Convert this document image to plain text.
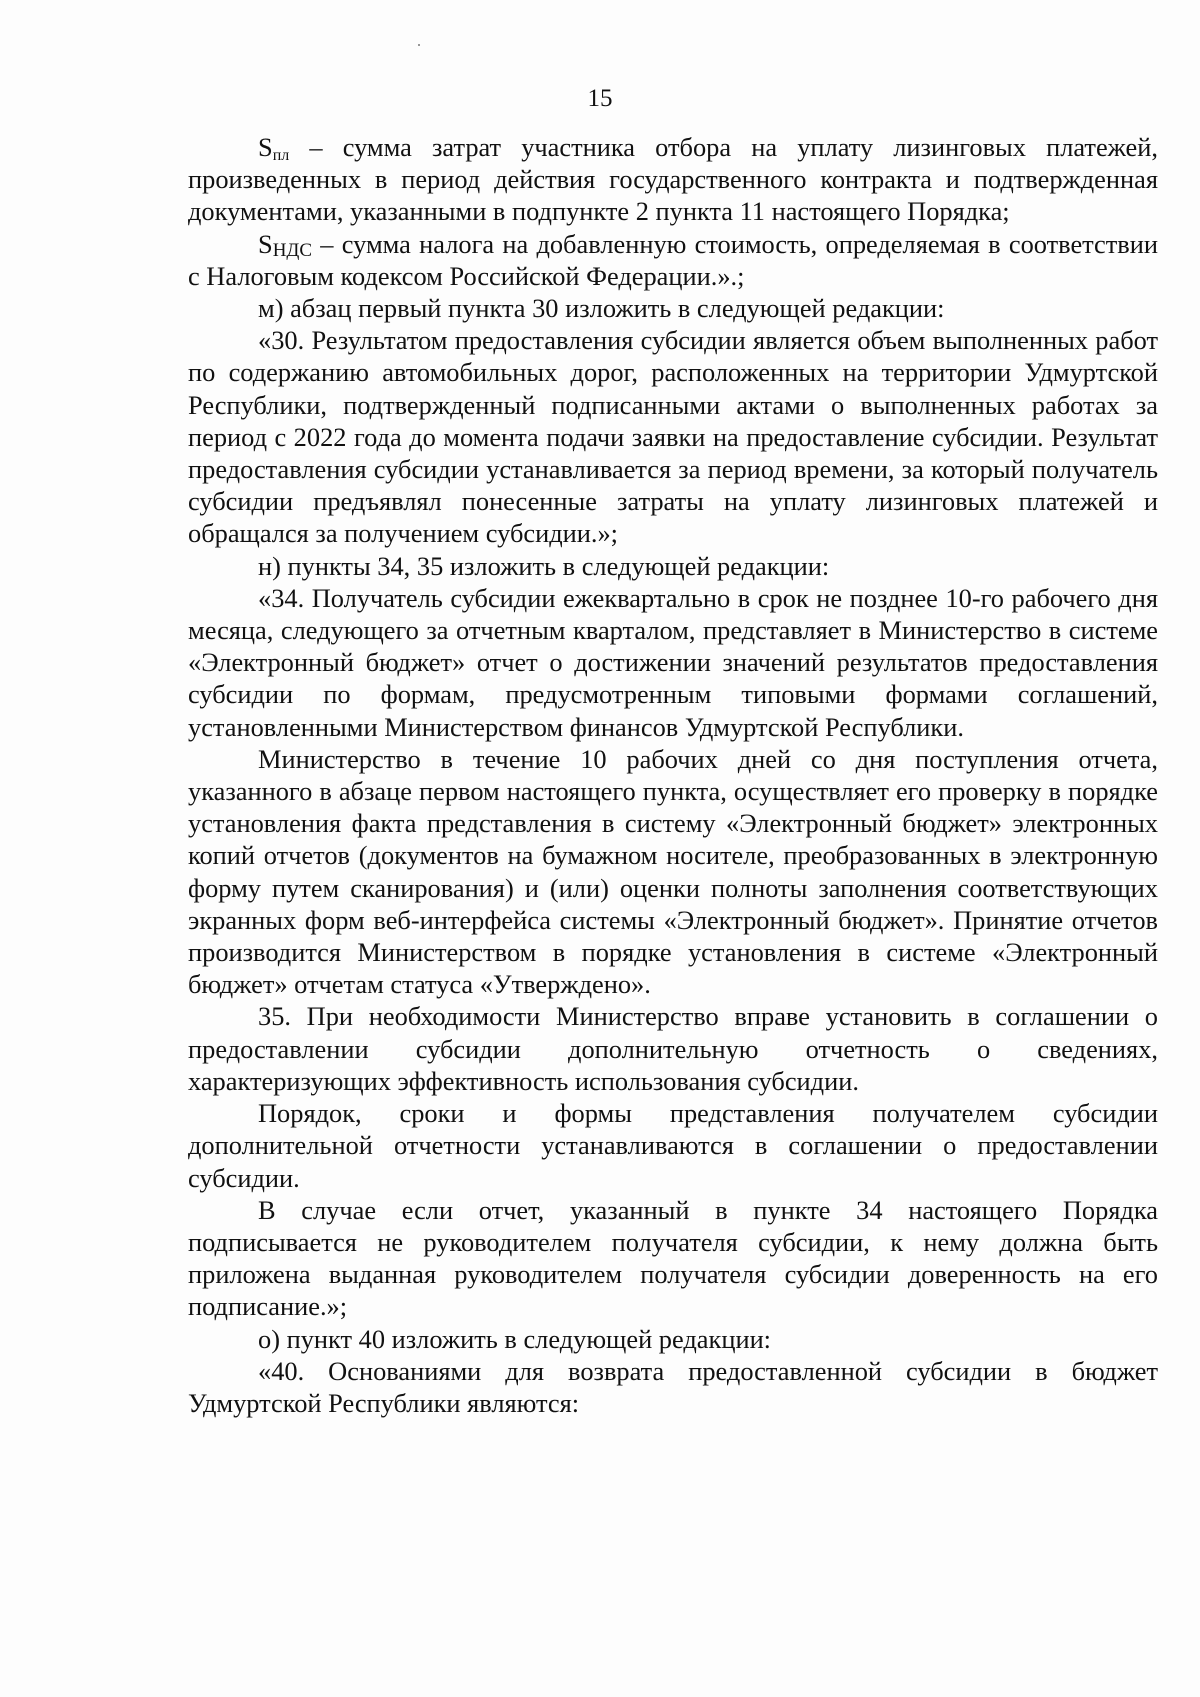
15

$S_{пл}$ – сумма затрат участника отбора на уплату лизинговых платежей, произведенных в период действия государственного контракта и подтвержденная документами, указанными в подпункте 2 пункта 11 настоящего Порядка;

SНДС – сумма налога на добавленную стоимость, определяемая в соответствии с Налоговым кодексом Российской Федерации.».;

м) абзац первый пункта 30 изложить в следующей редакции:

«30. Результатом предоставления субсидии является объем выполненных работ по содержанию автомобильных дорог, расположенных на территории Удмуртской Республики, подтвержденный подписанными актами о выполненных работах за период с 2022 года до момента подачи заявки на предоставление субсидии. Результат предоставления субсидии устанавливается за период времени, за который получатель субсидии предъявлял понесенные затраты на уплату лизинговых платежей и обращался за получением субсидии.»;

н) пункты 34, 35 изложить в следующей редакции:

«34. Получатель субсидии ежеквартально в срок не позднее 10-го рабочего дня месяца, следующего за отчетным кварталом, представляет в Министерство в системе «Электронный бюджет» отчет о достижении значений результатов предоставления субсидии по формам, предусмотренным типовыми формами соглашений, установленными Министерством финансов Удмуртской Республики.

Министерство в течение 10 рабочих дней со дня поступления отчета, указанного в абзаце первом настоящего пункта, осуществляет его проверку в порядке установления факта представления в систему «Электронный бюджет» электронных копий отчетов (документов на бумажном носителе, преобразованных в электронную форму путем сканирования) и (или) оценки полноты заполнения соответствующих экранных форм веб-интерфейса системы «Электронный бюджет». Принятие отчетов производится Министерством в порядке установления в системе «Электронный бюджет» отчетам статуса «Утверждено».

35. При необходимости Министерство вправе установить в соглашении о предоставлении субсидии дополнительную отчетность о сведениях, характеризующих эффективность использования субсидии.

Порядок, сроки и формы представления получателем субсидии дополнительной отчетности устанавливаются в соглашении о предоставлении субсидии.

В случае если отчет, указанный в пункте 34 настоящего Порядка подписывается не руководителем получателя субсидии, к нему должна быть приложена выданная руководителем получателя субсидии доверенность на его подписание.»;

о) пункт 40 изложить в следующей редакции:

«40. Основаниями для возврата предоставленной субсидии в бюджет Удмуртской Республики являются:
